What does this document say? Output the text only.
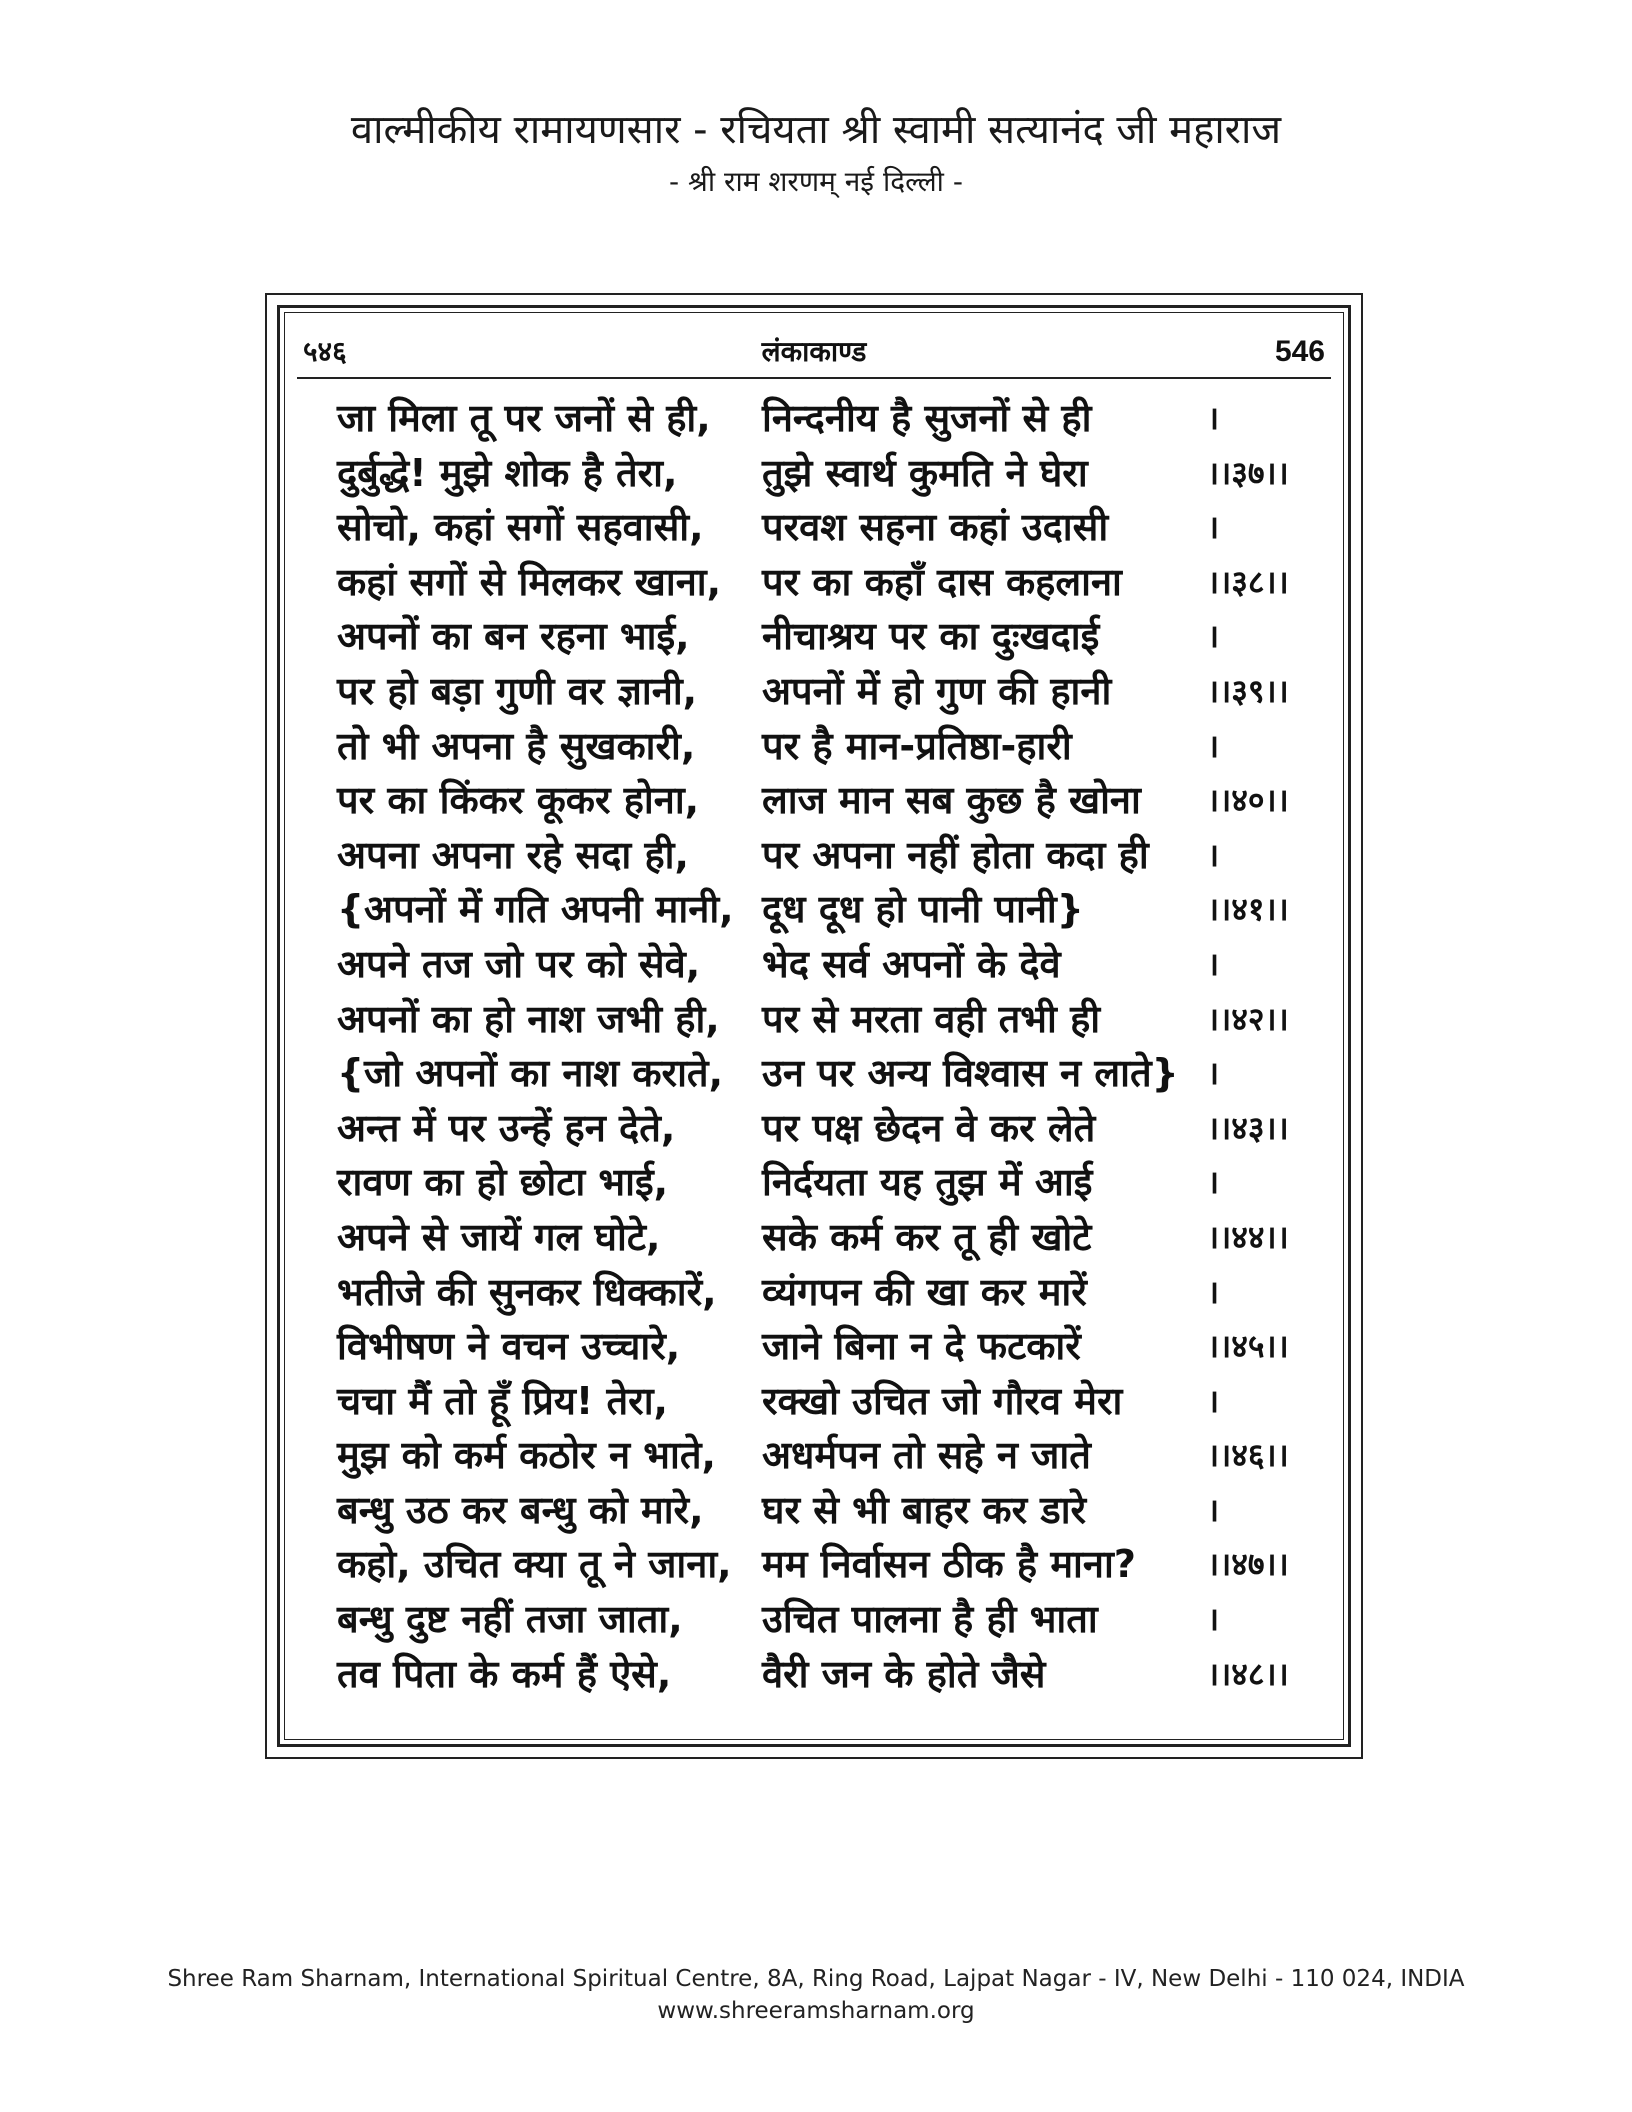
वाल्मीकीय रामायणसार - रचियता श्री स्वामी सत्यानंद जी महाराज
- श्री राम शरणम् नई दिल्ली -
५४६	लंकाकाण्ड	546
जा मिला तू पर जनों से ही, निन्दनीय है सुजनों से ही	।
दुर्बुद्धे! मुझे शोक है तेरा, तुझे स्वार्थ कुमति ने घेरा	।।३७।।
सोचो, कहां सगों सहवासी, परवश सहना कहां उदासी	।
कहां सगों से मिलकर खाना, पर का कहाँ दास कहलाना	।।३८।।
अपनों का बन रहना भाई, नीचाश्रय पर का दुःखदाई	।
पर हो बड़ा गुणी वर ज्ञानी, अपनों में हो गुण की हानी	।।३९।।
तो भी अपना है सुखकारी, पर है मान-प्रतिष्ठा-हारी	।
पर का किंकर कूकर होना, लाज मान सब कुछ है खोना ।।४०।।
अपना अपना रहे सदा ही, पर अपना नहीं होता कदा ही ।
{अपनों में गति अपनी मानी, दूध दूध हो पानी पानी}	।।४१।।
अपने तज जो पर को सेवे, भेद सर्व अपनों के देवे	।
अपनों का हो नाश जभी ही, पर से मरता वही तभी ही	।।४२।।
{जो अपनों का नाश कराते, उन पर अन्य विश्वास न लाते} ।
अन्त में पर उन्हें हन देते, पर पक्ष छेदन वे कर लेते	।।४३।।
रावण का हो छोटा भाई, निर्दयता यह तुझ में आई	।
अपने से जायें गल घोटे,	सके कर्म कर तू ही खोटे	।।४४।।
भतीजे की सुनकर धिक्कारें, व्यंगपन की खा कर मारें	।
विभीषण ने वचन उच्चारे, जाने बिना न दे फटकारें	।।४५।।
चचा मैं तो हूँ प्रिय! तेरा, रक्खो उचित जो गौरव मेरा	।
मुझ को कर्म कठोर न भाते, अधर्मपन तो सहे न जाते	।।४६।।
बन्धु उठ कर बन्धु को मारे, घर से भी बाहर कर डारे	।
कहो, उचित क्या तू ने जाना, मम निर्वासन ठीक है माना? ।।४७।।
बन्धु दुष्ट नहीं तजा जाता, उचित पालना है ही भाता	।
तव पिता के कर्म हैं ऐसे, वैरी जन के होते जैसे	।।४८।।
Shree Ram Sharnam, International Spiritual Centre, 8A, Ring Road, Lajpat Nagar - IV, New Delhi - 110 024, INDIA
www.shreeramsharnam.org
